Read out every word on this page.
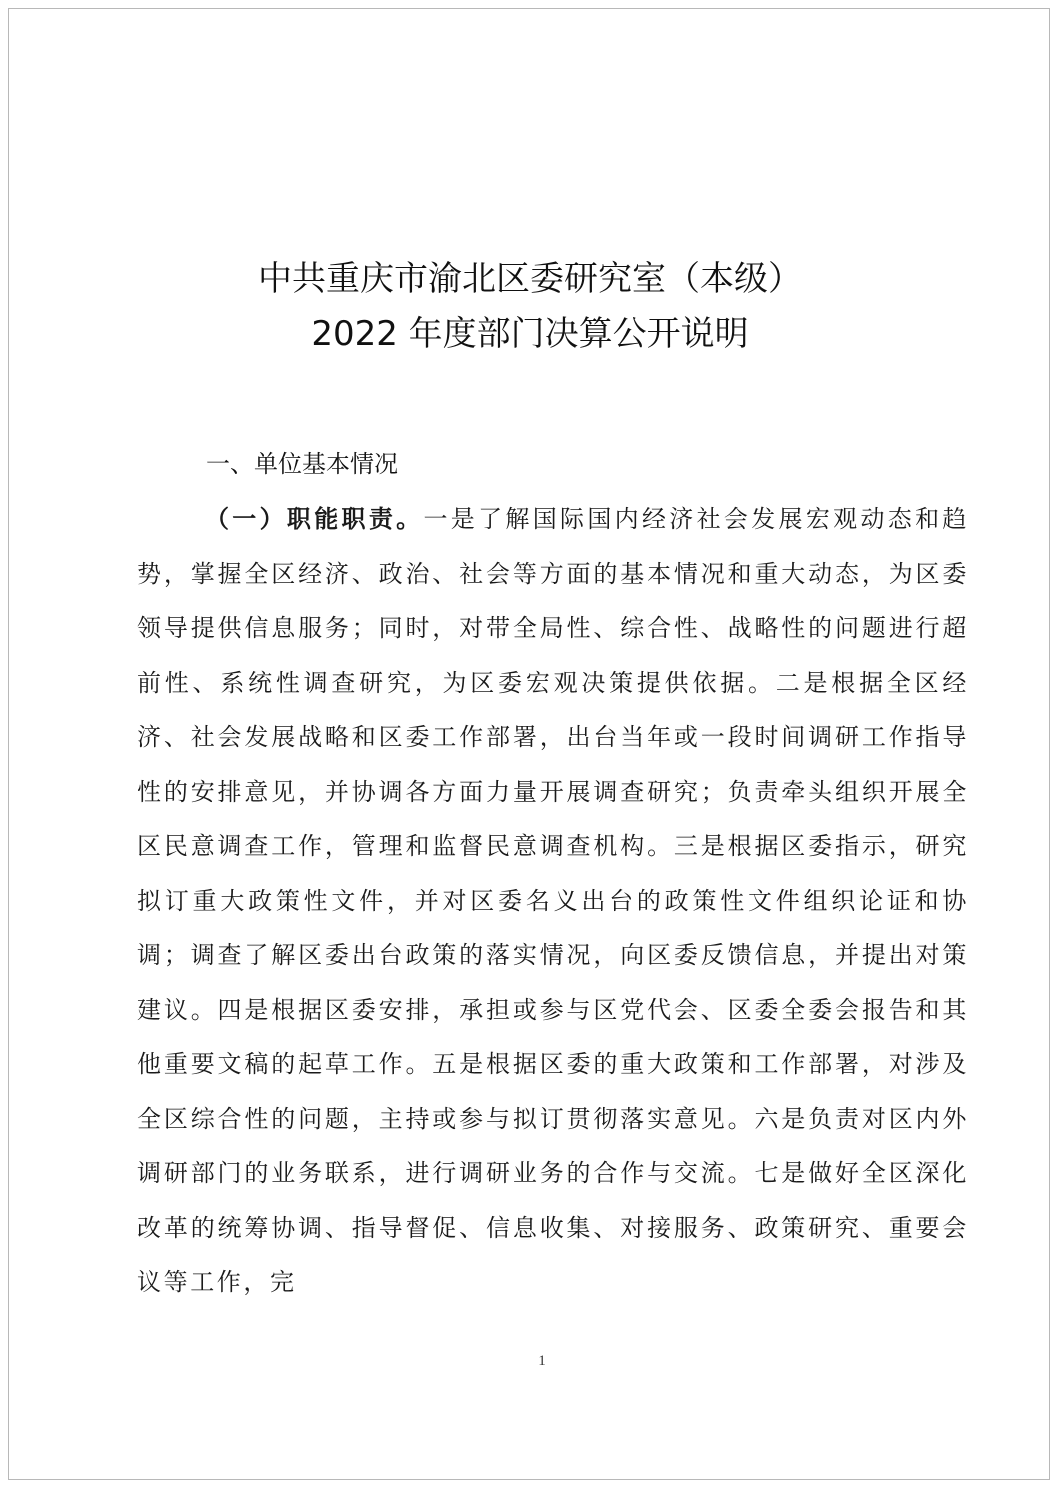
中共重庆市渝北区委研究室（本级）
2022 年度部门决算公开说明
一、单位基本情况

（一）职能职责。一是了解国际国内经济社会发展宏观动态和趋势，掌握全区经济、政治、社会等方面的基本情况和重大动态，为区委领导提供信息服务；同时，对带全局性、综合性、战略性的问题进行超前性、系统性调查研究，为区委宏观决策提供依据。二是根据全区经济、社会发展战略和区委工作部署，出台当年或一段时间调研工作指导性的安排意见，并协调各方面力量开展调查研究；负责牵头组织开展全区民意调查工作，管理和监督民意调查机构。三是根据区委指示，研究拟订重大政策性文件，并对区委名义出台的政策性文件组织论证和协调；调查了解区委出台政策的落实情况，向区委反馈信息，并提出对策建议。四是根据区委安排，承担或参与区党代会、区委全委会报告和其他重要文稿的起草工作。五是根据区委的重大政策和工作部署，对涉及全区综合性的问题，主持或参与拟订贯彻落实意见。六是负责对区内外调研部门的业务联系，进行调研业务的合作与交流。七是做好全区深化改革的统筹协调、指导督促、信息收集、对接服务、政策研究、重要会议等工作，完

1
